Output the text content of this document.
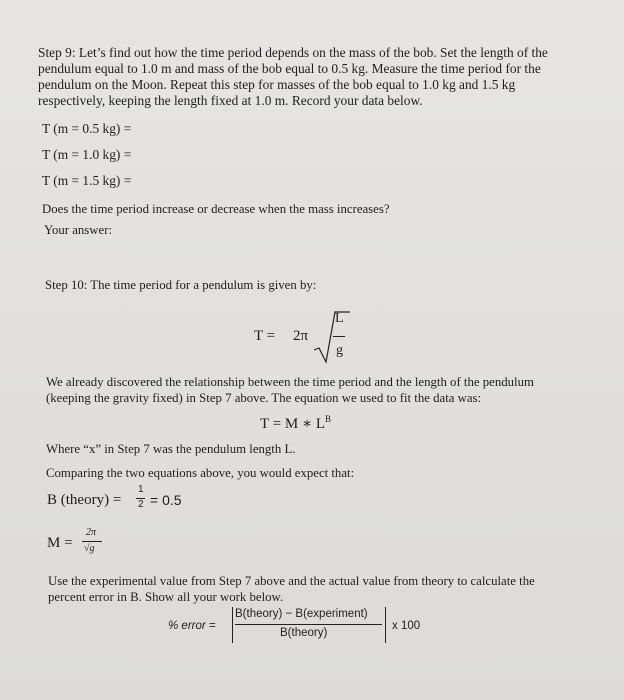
Step 9: Let’s find out how the time period depends on the mass of the bob. Set the length of the

pendulum equal to 1.0 m and mass of the bob equal to 0.5 kg. Measure the time period for the

pendulum on the Moon. Repeat this step for masses of the bob equal to 1.0 kg and 1.5 kg

respectively, keeping the length fixed at 1.0 m. Record your data below.

T (m = 0.5 kg) =

T (m = 1.0 kg) =

T (m = 1.5 kg) =

Does the time period increase or decrease when the mass increases?

Your answer:

Step 10: The time period for a pendulum is given by:

T = 2π
L
g

We already discovered the relationship between the time period and the length of the pendulum

(keeping the gravity fixed) in Step 7 above. The equation we used to fit the data was:

T = M ∗ $L^B$

Where “x” in Step 7 was the pendulum length L.

Comparing the two equations above, you would expect that:

B (theory) =
1
2 = 0.5
M =
2π
√g

Use the experimental value from Step 7 above and the actual value from theory to calculate the

percent error in B. Show all your work below.

% error =
B(theory) − B(experiment)
B(theory)
x 100
